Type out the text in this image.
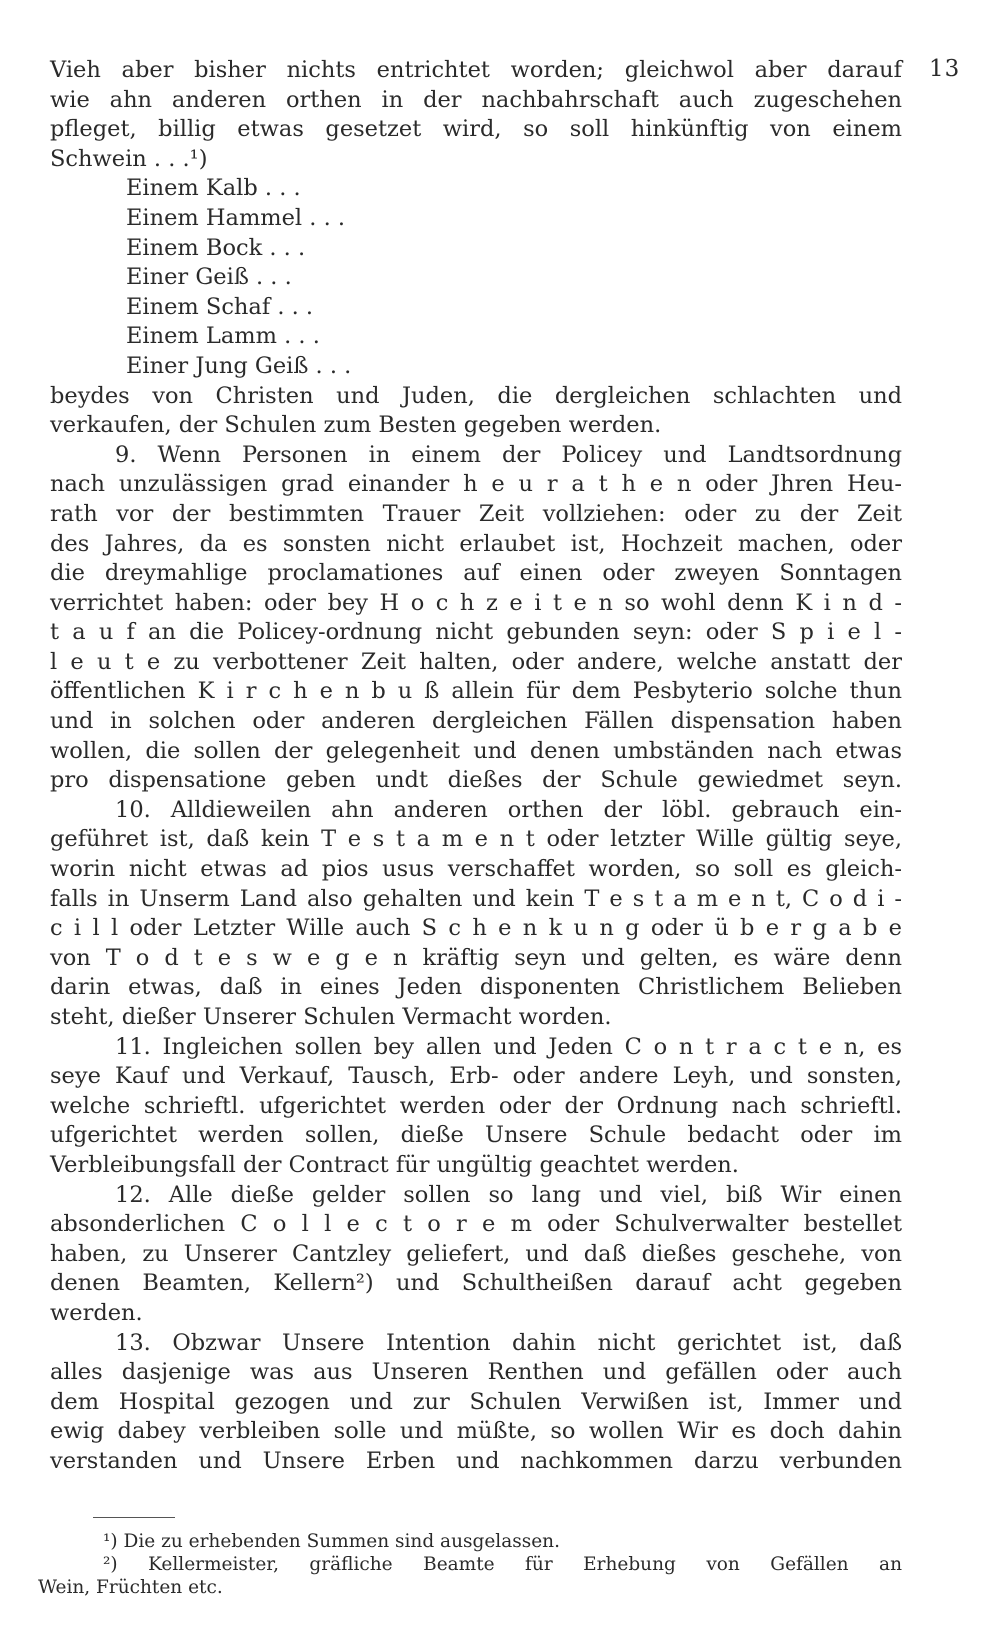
13
Vieh aber bisher nichts entrichtet worden; gleichwol aber darauf
wie ahn anderen orthen in der nachbahrschaft auch zugeschehen
pfleget, billig etwas gesetzet wird, so soll hinkünftig von einem
Schwein . . .¹)
Einem Kalb . . .
Einem Hammel . . .
Einem Bock . . .
Einer Geiß . . .
Einem Schaf . . .
Einem Lamm . . .
Einer Jung Geiß . . .
beydes von Christen und Juden, die dergleichen schlachten und
verkaufen, der Schulen zum Besten gegeben werden.
9. Wenn Personen in einem der Policey und Landtsordnung
nach unzulässigen grad einander h e u r a t h e n oder Jhren Heu-
rath vor der bestimmten Trauer Zeit vollziehen: oder zu der Zeit
des Jahres, da es sonsten nicht erlaubet ist, Hochzeit machen, oder
die dreymahlige proclamationes auf einen oder zweyen Sonntagen
verrichtet haben: oder bey H o c h z e i t e n so wohl denn K i n d -
t a u f an die Policey-ordnung nicht gebunden seyn: oder S p i e l -
l e u t e zu verbottener Zeit halten, oder andere, welche anstatt der
öffentlichen K i r c h e n b u ß allein für dem Pesbyterio solche thun
und in solchen oder anderen dergleichen Fällen dispensation haben
wollen, die sollen der gelegenheit und denen umbständen nach etwas
pro dispensatione geben undt dießes der Schule gewiedmet seyn.
10. Alldieweilen ahn anderen orthen der löbl. gebrauch ein-
geführet ist, daß kein T e s t a m e n t oder letzter Wille gültig seye,
worin nicht etwas ad pios usus verschaffet worden, so soll es gleich-
falls in Unserm Land also gehalten und kein T e s t a m e n t, C o d i -
c i l l oder Letzter Wille auch S c h e n k u n g oder ü b e r g a b e
von T o d t e s w e g e n kräftig seyn und gelten, es wäre denn
darin etwas, daß in eines Jeden disponenten Christlichem Belieben
steht, dießer Unserer Schulen Vermacht worden.
11. Ingleichen sollen bey allen und Jeden C o n t r a c t e n, es
seye Kauf und Verkauf, Tausch, Erb- oder andere Leyh, und sonsten,
welche schrieftl. ufgerichtet werden oder der Ordnung nach schrieftl.
ufgerichtet werden sollen, dieße Unsere Schule bedacht oder im
Verbleibungsfall der Contract für ungültig geachtet werden.
12. Alle dieße gelder sollen so lang und viel, biß Wir einen
absonderlichen C o l l e c t o r e m oder Schulverwalter bestellet
haben, zu Unserer Cantzley geliefert, und daß dießes geschehe, von
denen Beamten, Kellern²) und Schultheißen darauf acht gegeben
werden.
13. Obzwar Unsere Intention dahin nicht gerichtet ist, daß
alles dasjenige was aus Unseren Renthen und gefällen oder auch
dem Hospital gezogen und zur Schulen Verwißen ist, Immer und
ewig dabey verbleiben solle und müßte, so wollen Wir es doch dahin
verstanden und Unsere Erben und nachkommen darzu verbunden
¹) Die zu erhebenden Summen sind ausgelassen.
²) Kellermeister, gräfliche Beamte für Erhebung von Gefällen an
Wein, Früchten etc.
